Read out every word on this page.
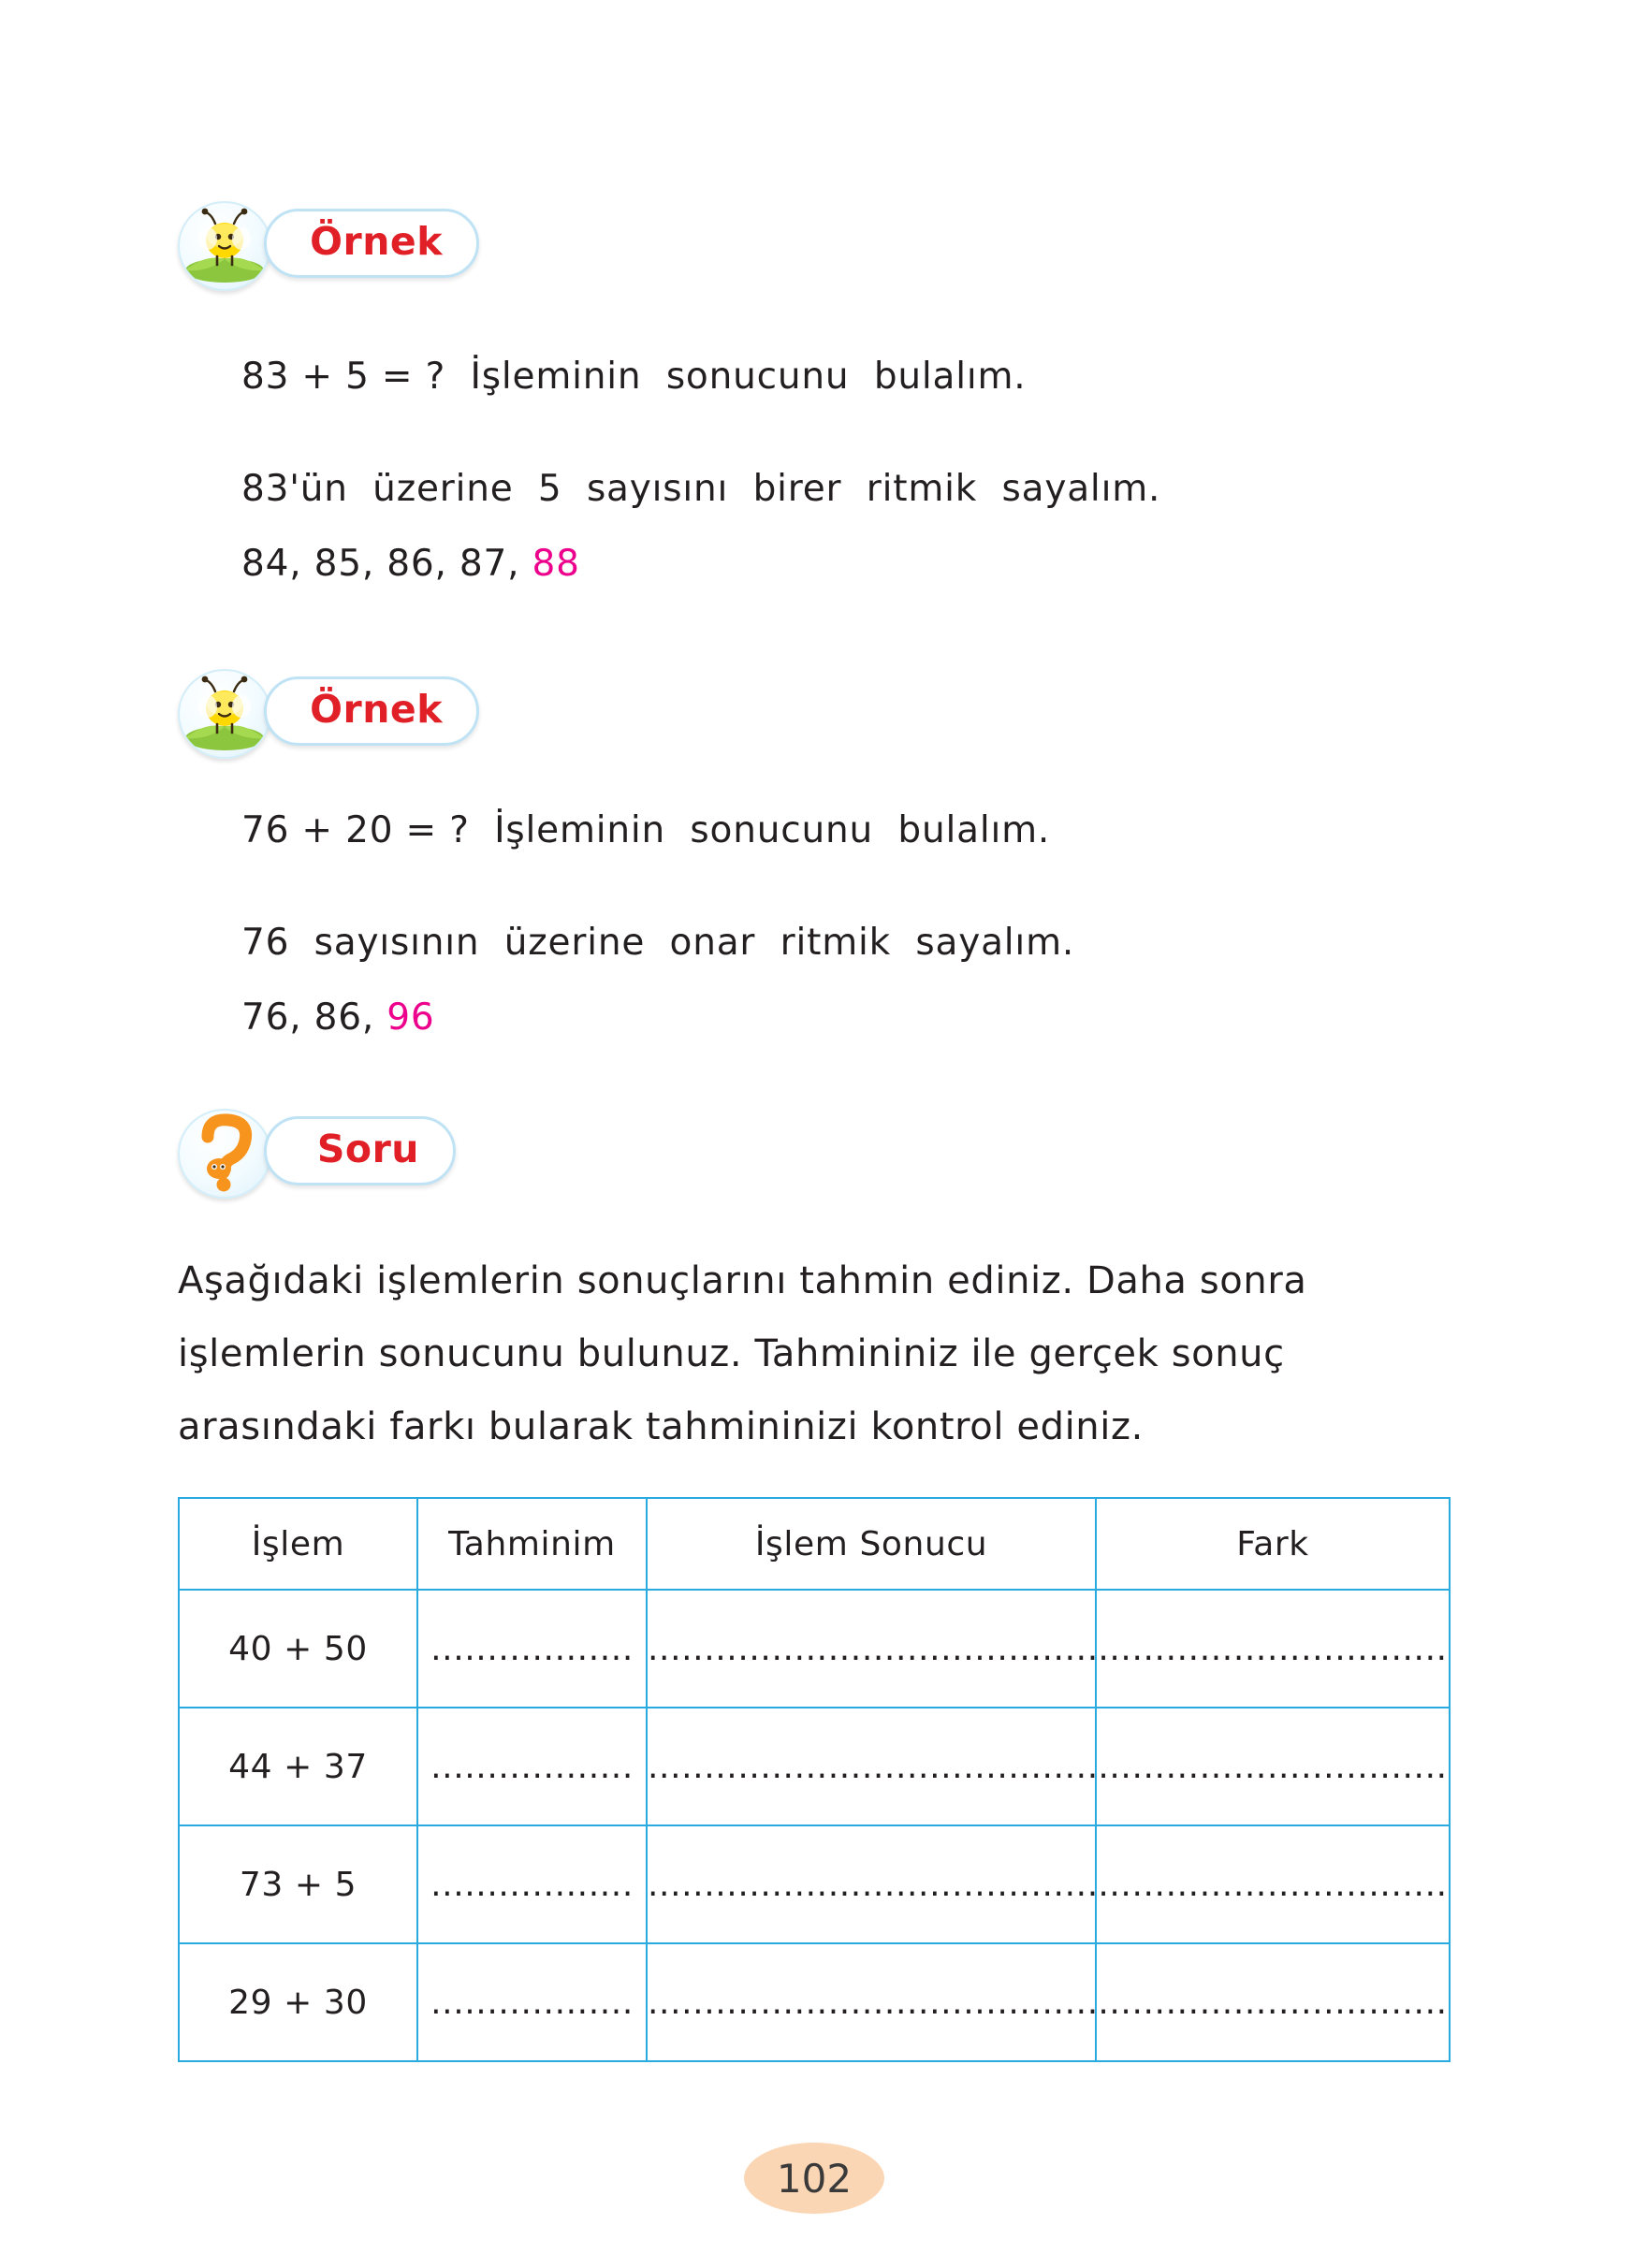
Örnek
83 + 5 = ?  İşleminin  sonucunu  bulalım.
83'ün  üzerine  5  sayısını  birer  ritmik  sayalım.
84, 85, 86, 87, 88
Örnek
76 + 20 = ?  İşleminin  sonucunu  bulalım.
76  sayısının  üzerine  onar  ritmik  sayalım.
76, 86, 96
Soru
Aşağıdaki işlemlerin sonuçlarını tahmin ediniz. Daha sonra işlemlerin sonucunu bulunuz. Tahmininiz ile gerçek sonuç arasındaki farkı bularak tahmininizi kontrol ediniz.
İşlem	Tahminim	İşlem Sonucu	Fark
40 + 50	..................	........................................	...............................
44 + 37	..................	........................................	...............................
73 + 5	..................	........................................	...............................
29 + 30	..................	........................................	...............................
102
